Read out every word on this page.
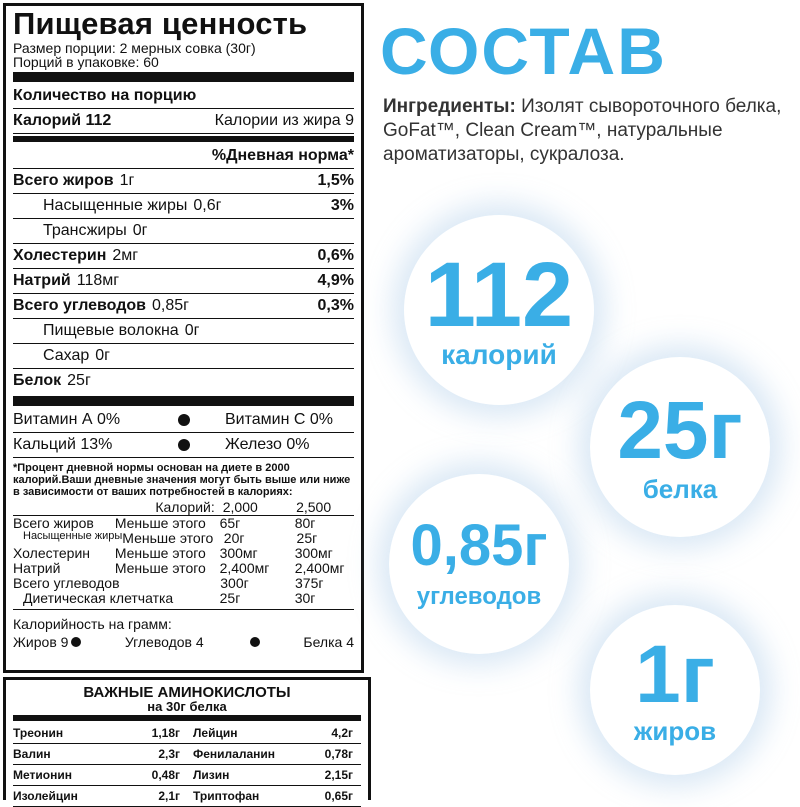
Пищевая ценность
Размер порции: 2 мерных совка (30г)
Порций в упаковке: 60
Количество на порцию
Калорий 112	Калории из жира 9
%Дневная норма*
Всего жиров 1г	1,5%
Насыщенные жиры 0,6г	3%
Трансжиры 0г
Холестерин 2мг	0,6%
Натрий 118мг	4,9%
Всего углеводов 0,85г	0,3%
Пищевые волокна 0г
Сахар 0г
Белок 25г
Витамин А 0%	Витамин С 0%
Кальций 13%	Железо 0%
*Процент дневной нормы основан на диете в 2000 калорий.Ваши дневные значения могут быть выше или ниже в зависимости от ваших потребностей в калориях:
Калорий: 2,000	2,500
Всего жиров	Меньше этого 65г	80г
Насыщенные жиры Меньше этого 20г	25г
Холестерин	Меньше этого 300мг	300мг
Натрий	Меньше этого 2,400мг	2,400мг
Всего углеводов	300г	375г
Диетическая клетчатка	25г	30г
Калорийность на грамм:
Жиров 9	Углеводов 4	Белка 4
ВАЖНЫЕ АМИНОКИСЛОТЫ
на 30г белка
Треонин	1,18г	Лейцин	4,2г
Валин	2,3г	Фенилаланин	0,78г
Метионин	0,48г	Лизин	2,15г
Изолейцин	2,1г	Триптофан	0,65г
СОСТАВ
Ингредиенты: Изолят сывороточного белка, GoFat™, Clean Cream™, натуральные ароматизаторы, сукралоза.
112
калорий
25г
белка
0,85г
углеводов
1г
жиров
